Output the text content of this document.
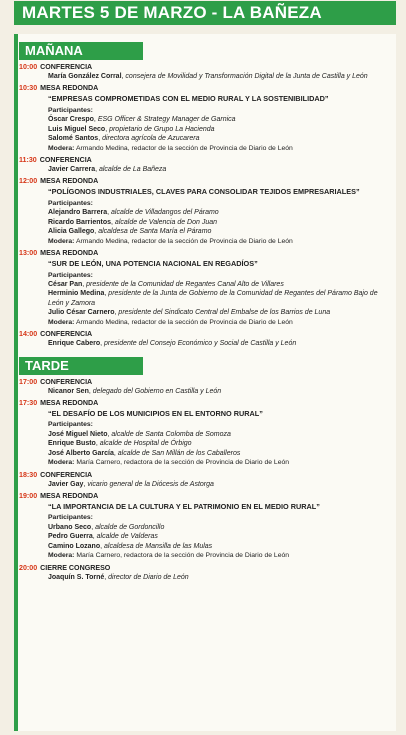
MARTES 5 DE MARZO - LA BAÑEZA
MAÑANA
10:00 CONFERENCIA
María González Corral, consejera de Movilidad y Transformación Digital de la Junta de Castilla y León
10:30 MESA REDONDA
“EMPRESAS COMPROMETIDAS CON EL MEDIO RURAL Y LA SOSTENIBILIDAD”
Participantes:
Óscar Crespo, ESG Officer & Strategy Manager de Garnica
Luis Miguel Seco, propietario de Grupo La Hacienda
Salomé Santos, directora agrícola de Azucarera
Modera: Armando Medina, redactor de la sección de Provincia de Diario de León
11:30 CONFERENCIA
Javier Carrera, alcalde de La Bañeza
12:00 MESA REDONDA
“POLÍGONOS INDUSTRIALES, CLAVES PARA CONSOLIDAR TEJIDOS EMPRESARIALES”
Participantes:
Alejandro Barrera, alcalde de Villadangos del Páramo
Ricardo Barrientos, alcalde de Valencia de Don Juan
Alicia Gallego, alcaldesa de Santa María el Páramo
Modera: Armando Medina, redactor de la sección de Provincia de Diario de León
13:00 MESA REDONDA
“SUR DE LEÓN, UNA POTENCIA NACIONAL EN REGADÍOS”
Participantes:
César Pan, presidente de la Comunidad de Regantes Canal Alto de Villares
Herminio Medina, presidente de la Junta de Gobierno de la Comunidad de Regantes del Páramo Bajo de León y Zamora
Julio César Carnero, presidente del Sindicato Central del Embalse de los Barrios de Luna
Modera: Armando Medina, redactor de la sección de Provincia de Diario de León
14:00 CONFERENCIA
Enrique Cabero, presidente del Consejo Económico y Social de Castilla y León
TARDE
17:00 CONFERENCIA
Nicanor Sen, delegado del Gobierno en Castilla y León
17:30 MESA REDONDA
“EL DESAFÍO DE LOS MUNICIPIOS EN EL ENTORNO RURAL”
Participantes:
José Miguel Nieto, alcalde de Santa Colomba de Somoza
Enrique Busto, alcalde de Hospital de Órbigo
José Alberto García, alcalde de San Millán de los Caballeros
Modera: María Carnero, redactora de la sección de Provincia de Diario de León
18:30 CONFERENCIA
Javier Gay, vicario general de la Diócesis de Astorga
19:00 MESA REDONDA
“LA IMPORTANCIA DE LA CULTURA Y EL PATRIMONIO EN EL MEDIO RURAL”
Participantes:
Urbano Seco, alcalde de Gordoncillo
Pedro Guerra, alcalde de Valderas
Camino Lozano, alcaldesa de Mansilla de las Mulas
Modera: María Carnero, redactora de la sección de Provincia de Diario de León
20:00 CIERRE CONGRESO
Joaquín S. Torné, director de Diario de León
